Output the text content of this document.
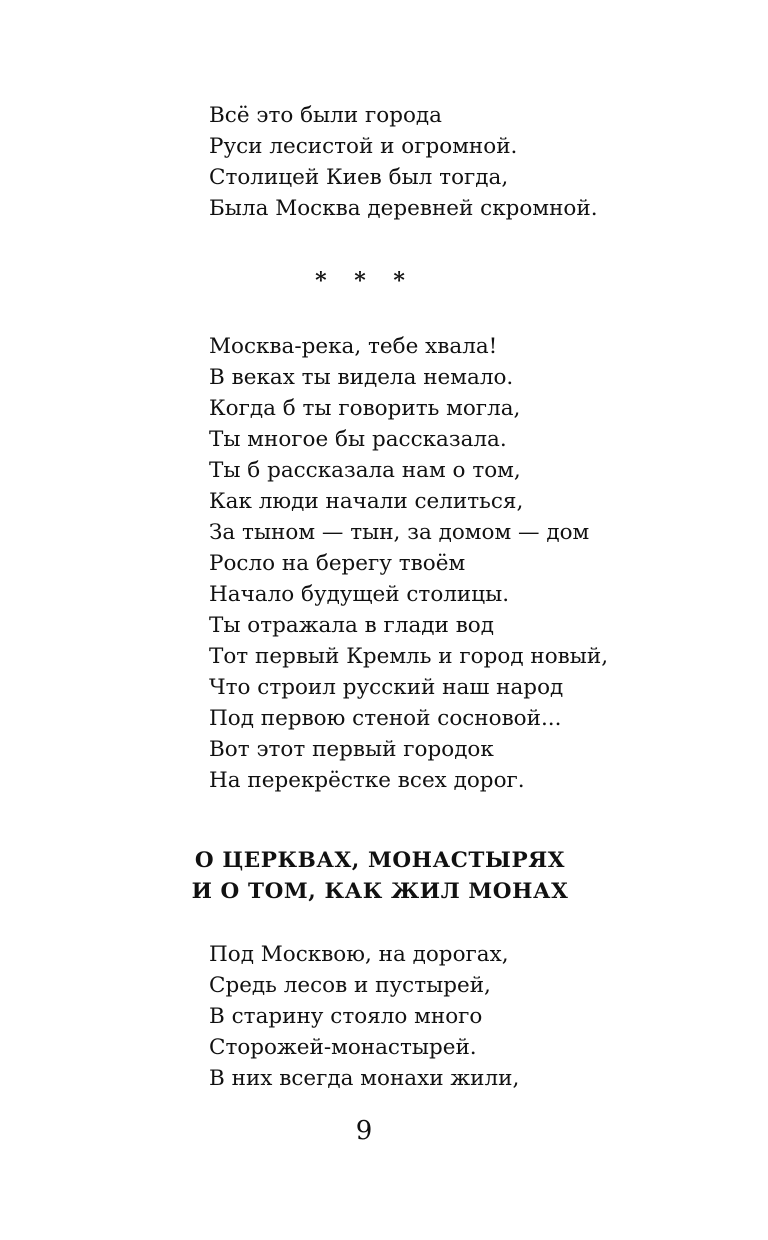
Всё это были города
Руси лесистой и огромной.
Столицей Киев был тогда,
Была Москва деревней скромной.
* * *
Москва-река, тебе хвала!
В веках ты видела немало.
Когда б ты говорить могла,
Ты многое бы рассказала.
Ты б рассказала нам о том,
Как люди начали селиться,
За тыном — тын, за домом — дом
Росло на берегу твоём
Начало будущей столицы.
Ты отражала в глади вод
Тот первый Кремль и город новый,
Что строил русский наш народ
Под первою стеной сосновой...
Вот этот первый городок
На перекрёстке всех дорог.
О ЦЕРКВАХ, МОНАСТЫРЯХ
И О ТОМ, КАК ЖИЛ МОНАХ
Под Москвою, на дорогах,
Средь лесов и пустырей,
В старину стояло много
Сторожей-монастырей.
В них всегда монахи жили,
9
